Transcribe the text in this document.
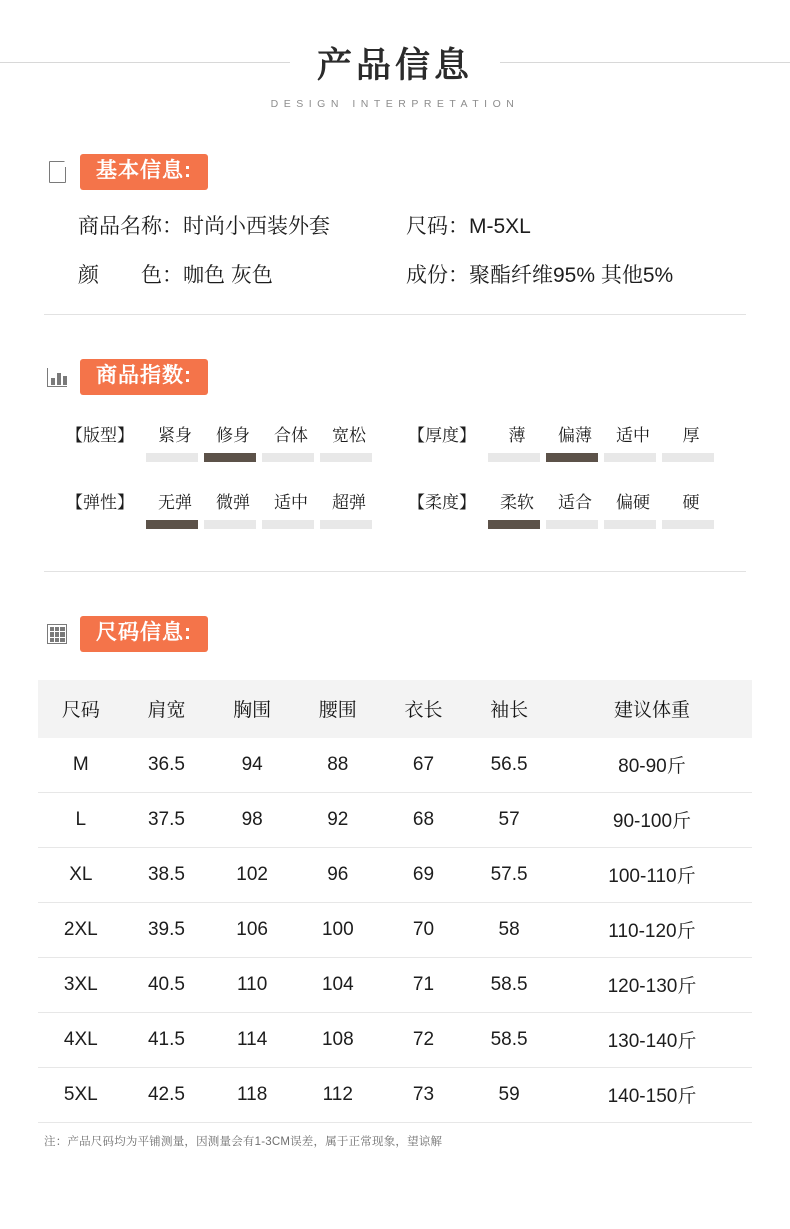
产品信息
DESIGN INTERPRETATION
基本信息:
商品名称：时尚小西装外套	尺码：M-5XL
颜　　色：咖色 灰色	成份：聚酯纤维95% 其他5%
商品指数:
【版型】	紧身	修身	合体	宽松
【弹性】	无弹	微弹	适中	超弹
【厚度】	薄	偏薄	适中	厚
【柔度】	柔软	适合	偏硬	硬
尺码信息:
尺码	肩宽	胸围	腰围	衣长	袖长	建议体重
M	36.5	94	88	67	56.5	80-90斤
L	37.5	98	92	68	57	90-100斤
XL	38.5	102	96	69	57.5	100-110斤
2XL	39.5	106	100	70	58	110-120斤
3XL	40.5	110	104	71	58.5	120-130斤
4XL	41.5	114	108	72	58.5	130-140斤
5XL	42.5	118	112	73	59	140-150斤
注：产品尺码均为平铺测量，因测量会有1-3CM误差，属于正常现象，望谅解
